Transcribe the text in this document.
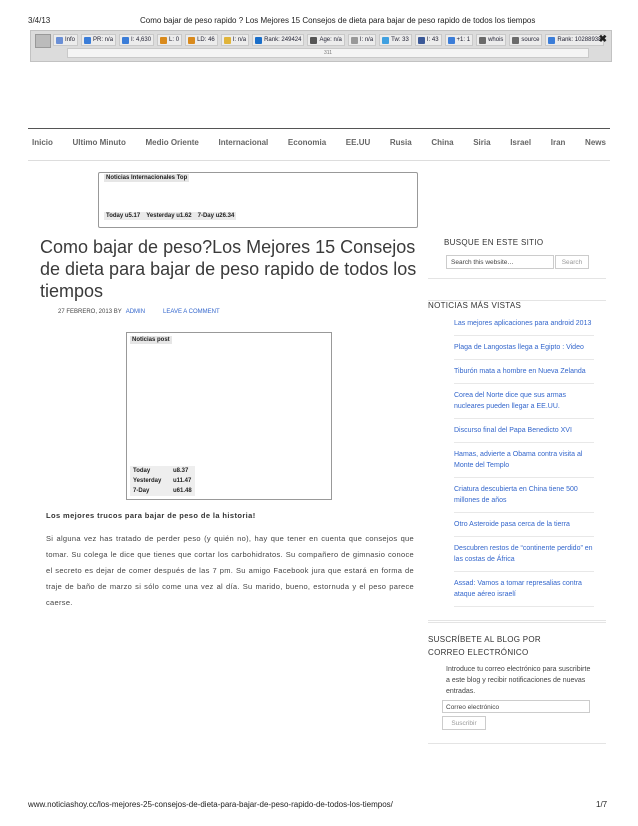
3/4/13	Como bajar de peso rapido ? Los Mejores 15 Consejos de dieta para bajar de peso rapido de todos los tiempos
Info	PR: n/a	I: 4,630	L: 0	LD: 46	I: n/a	Rank: 249424	Age: n/a	I: n/a	Tw: 33	I: 43	+1: 1	whois	source	Rank: 10288938
311
✖
Inicio	Ultimo Minuto	Medio Oriente	Internacional	Economia	EE.UU	Rusia	China	Siria	Israel	Iran	News
Noticias Internacionales Top
Today u5.17 Yesterday u1.62 7-Day u26.34
Como bajar de peso?Los Mejores 15 Consejos de dieta para bajar de peso rapido de todos los tiempos
27 FEBRERO, 2013 BY ADMIN	LEAVE A COMMENT
Noticias post
Today	u8.37
Yesterday u11.47
7-Day	u61.48
Los mejores trucos para bajar de peso de la historia!
Si alguna vez has tratado de perder peso (y quién no), hay que tener en cuenta que consejos que tomar. Su colega le dice que tienes que cortar los carbohidratos. Su compañero de gimnasio conoce el secreto es dejar de comer después de las 7 pm. Su amigo Facebook jura que estará en forma de traje de baño de marzo si sólo come una vez al día. Su marido, bueno, estornuda y el peso parece caerse.
BUSQUE EN ESTE SITIO
Search this website…	Search
NOTICIAS MÁS VISTAS
Las mejores aplicaciones para android 2013
Plaga de Langostas llega a Egipto : Video
Tiburón mata a hombre en Nueva Zelanda
Corea del Norte dice que sus armas nucleares pueden llegar a EE.UU.
Discurso final del Papa Benedicto XVI
Hamas, advierte a Obama contra visita al Monte del Templo
Criatura descubierta en China tiene 500 millones de años
Otro Asteroide pasa cerca de la tierra
Descubren restos de “continente perdido” en las costas de África
Assad: Vamos a tomar represalias contra ataque aéreo israelí
SUSCRÍBETE AL BLOG POR CORREO ELECTRÓNICO
Introduce tu correo electrónico para suscribirte a este blog y recibir notificaciones de nuevas entradas.
Correo electrónico
Suscribir
www.noticiashoy.cc/los-mejores-25-consejos-de-dieta-para-bajar-de-peso-rapido-de-todos-los-tiempos/	1/7
